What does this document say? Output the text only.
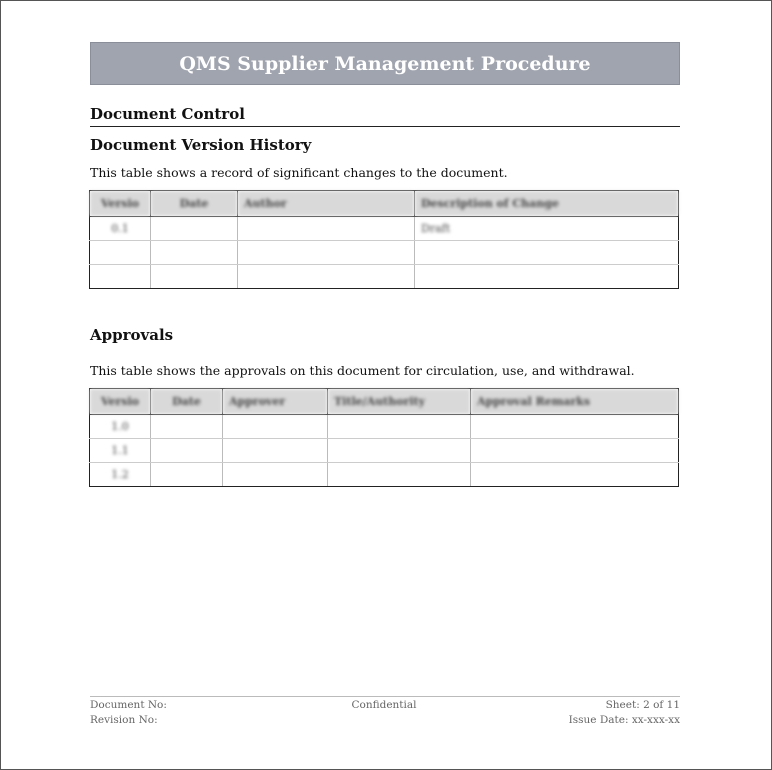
QMS Supplier Management Procedure
Document Control
Document Version History
This table shows a record of significant changes to the document.
Versio	Date	Author	Description of Change
0.1			Draft

Approvals
This table shows the approvals on this document for circulation, use, and withdrawal.
Versio	Date	Approver	Title/Authority	Approval Remarks
1.0				
1.1				
1.2				
Document No:
Revision No:
Confidential	Sheet: 2 of 11
Issue Date: xx-xxx-xx
